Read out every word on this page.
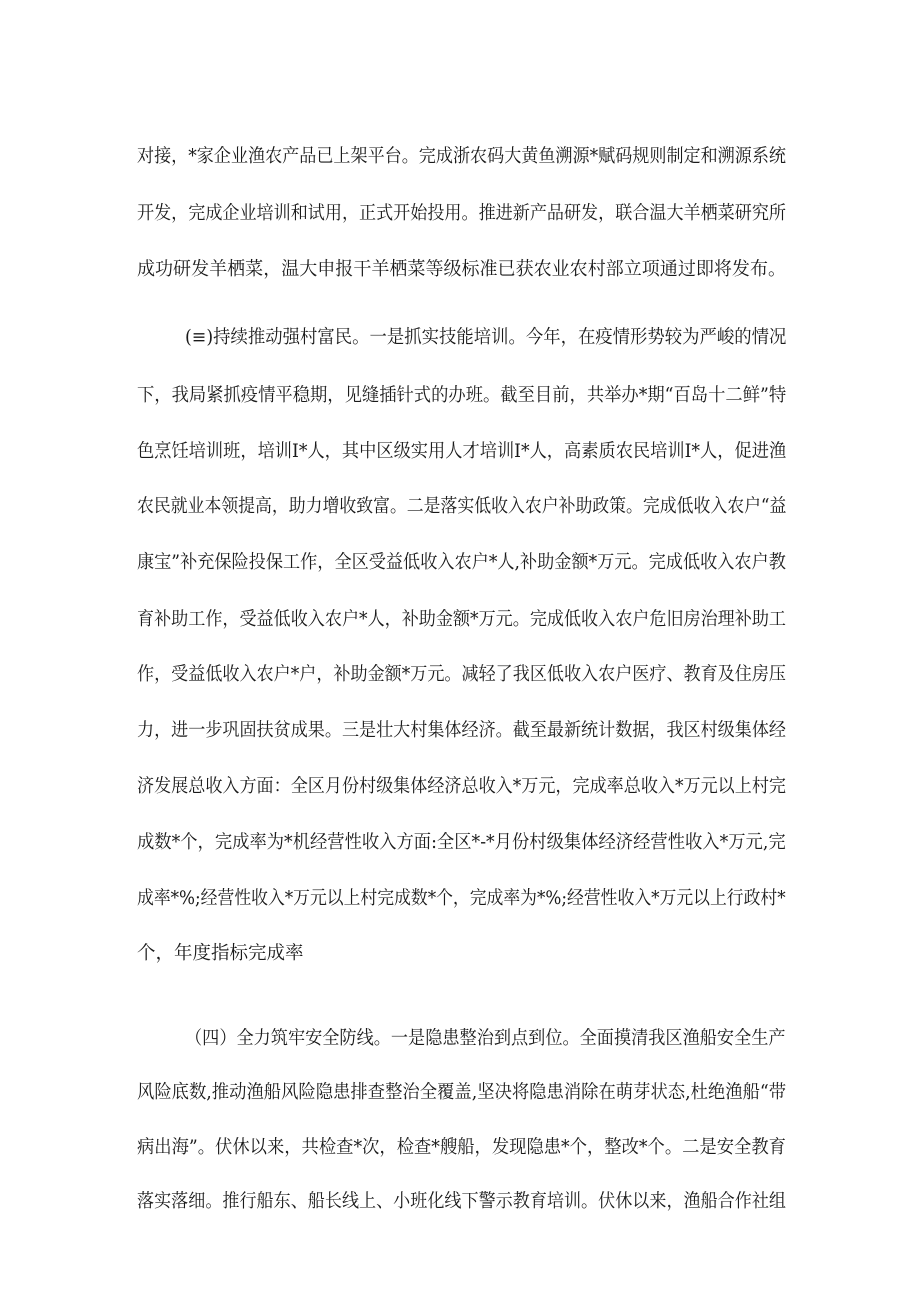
对接，*家企业渔农产品已上架平台。完成浙农码大黄鱼溯源*赋码规则制定和溯源系统
开发，完成企业培训和试用，正式开始投用。推进新产品研发，联合温大羊栖菜研究所
成功研发羊栖菜，温大申报干羊栖菜等级标准已获农业农村部立项通过即将发布。
(≡)持续推动强村富民。一是抓实技能培训。今年，在疫情形势较为严峻的情况
下，我局紧抓疫情平稳期，见缝插针式的办班。截至目前，共举办*期“百岛十二鲜”特
色烹饪培训班，培训I*人，其中区级实用人才培训I*人，高素质农民培训I*人，促进渔
农民就业本领提高，助力增收致富。二是落实低收入农户补助政策。完成低收入农户“益
康宝”补充保险投保工作，全区受益低收入农户*人,补助金额*万元。完成低收入农户教
育补助工作，受益低收入农户*人，补助金额*万元。完成低收入农户危旧房治理补助工
作，受益低收入农户*户，补助金额*万元。减轻了我区低收入农户医疗、教育及住房压
力，进一步巩固扶贫成果。三是壮大村集体经济。截至最新统计数据，我区村级集体经
济发展总收入方面：全区月份村级集体经济总收入*万元，完成率总收入*万元以上村完
成数*个，完成率为*机经营性收入方面:全区*-*月份村级集体经济经营性收入*万元,完
成率*%;经营性收入*万元以上村完成数*个，完成率为*%;经营性收入*万元以上行政村*
个，年度指标完成率
（四）全力筑牢安全防线。一是隐患整治到点到位。全面摸清我区渔船安全生产
风险底数,推动渔船风险隐患排查整治全覆盖,坚决将隐患消除在萌芽状态,杜绝渔船“带
病出海”。伏休以来，共检查*次，检查*艘船，发现隐患*个，整改*个。二是安全教育
落实落细。推行船东、船长线上、小班化线下警示教育培训。伏休以来，渔船合作社组
